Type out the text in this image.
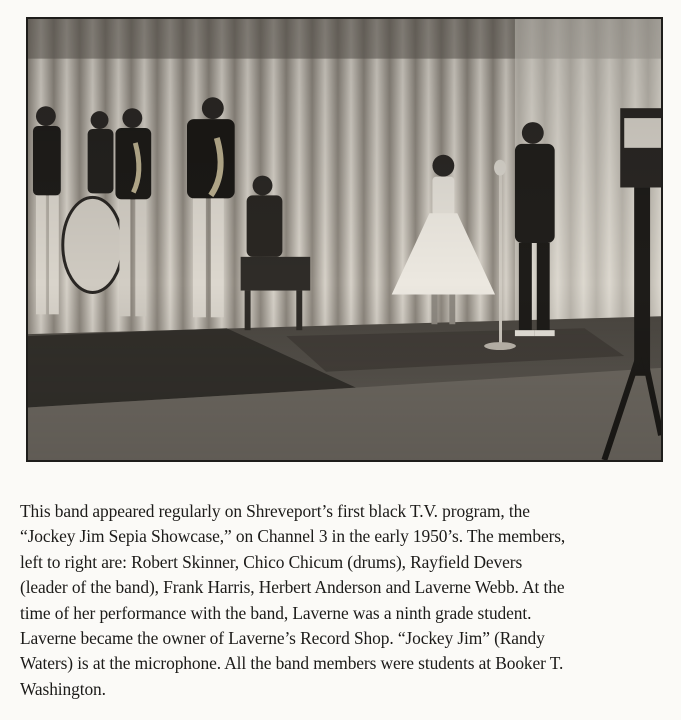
This band appeared regularly on Shreveport’s first black T.V. program, the
“Jockey Jim Sepia Showcase,” on Channel 3 in the early 1950’s. The members,
left to right are: Robert Skinner, Chico Chicum (drums), Rayfield Devers
(leader of the band), Frank Harris, Herbert Anderson and Laverne Webb. At the
time of her performance with the band, Laverne was a ninth grade student.
Laverne became the owner of Laverne’s Record Shop. “Jockey Jim” (Randy
Waters) is at the microphone. All the band members were students at Booker T.
Washington.
